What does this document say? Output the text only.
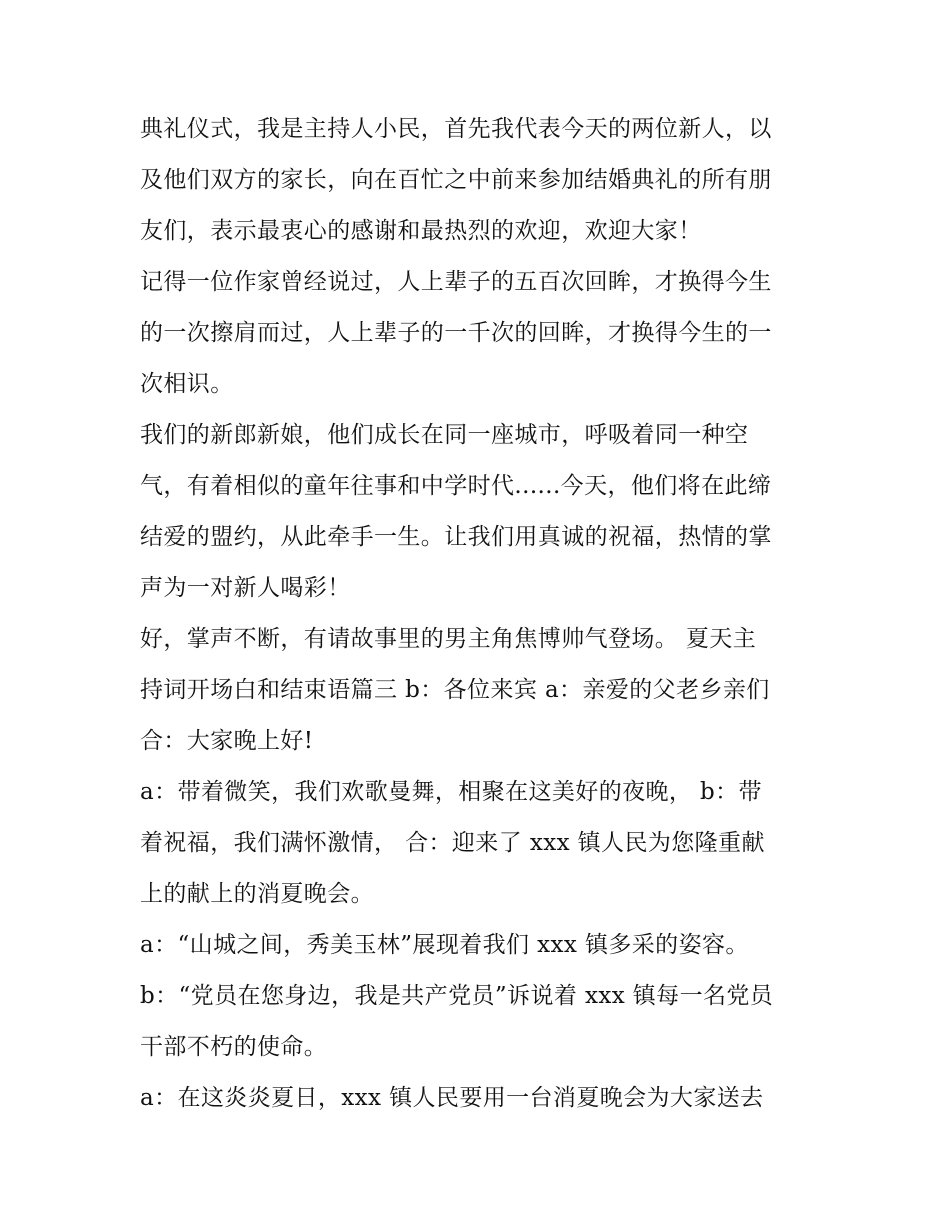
典礼仪式，我是主持人小民，首先我代表今天的两位新人，以
及他们双方的家长，向在百忙之中前来参加结婚典礼的所有朋
友们，表示最衷心的感谢和最热烈的欢迎，欢迎大家！
记得一位作家曾经说过，人上辈子的五百次回眸，才换得今生
的一次擦肩而过，人上辈子的一千次的回眸，才换得今生的一
次相识。
我们的新郎新娘，他们成长在同一座城市，呼吸着同一种空
气，有着相似的童年往事和中学时代......今天，他们将在此缔
结爱的盟约，从此牵手一生。让我们用真诚的祝福，热情的掌
声为一对新人喝彩！
好，掌声不断，有请故事里的男主角焦博帅气登场。 夏天主
持词开场白和结束语篇三 b：各位来宾 a：亲爱的父老乡亲们
合：大家晚上好!
a：带着微笑，我们欢歌曼舞，相聚在这美好的夜晚， b：带
着祝福，我们满怀激情， 合：迎来了 xxx 镇人民为您隆重献
上的献上的消夏晚会。
a：“山城之间，秀美玉林”展现着我们 xxx 镇多采的姿容。
b：“党员在您身边，我是共产党员”诉说着 xxx 镇每一名党员
干部不朽的使命。
a：在这炎炎夏日，xxx 镇人民要用一台消夏晚会为大家送去
